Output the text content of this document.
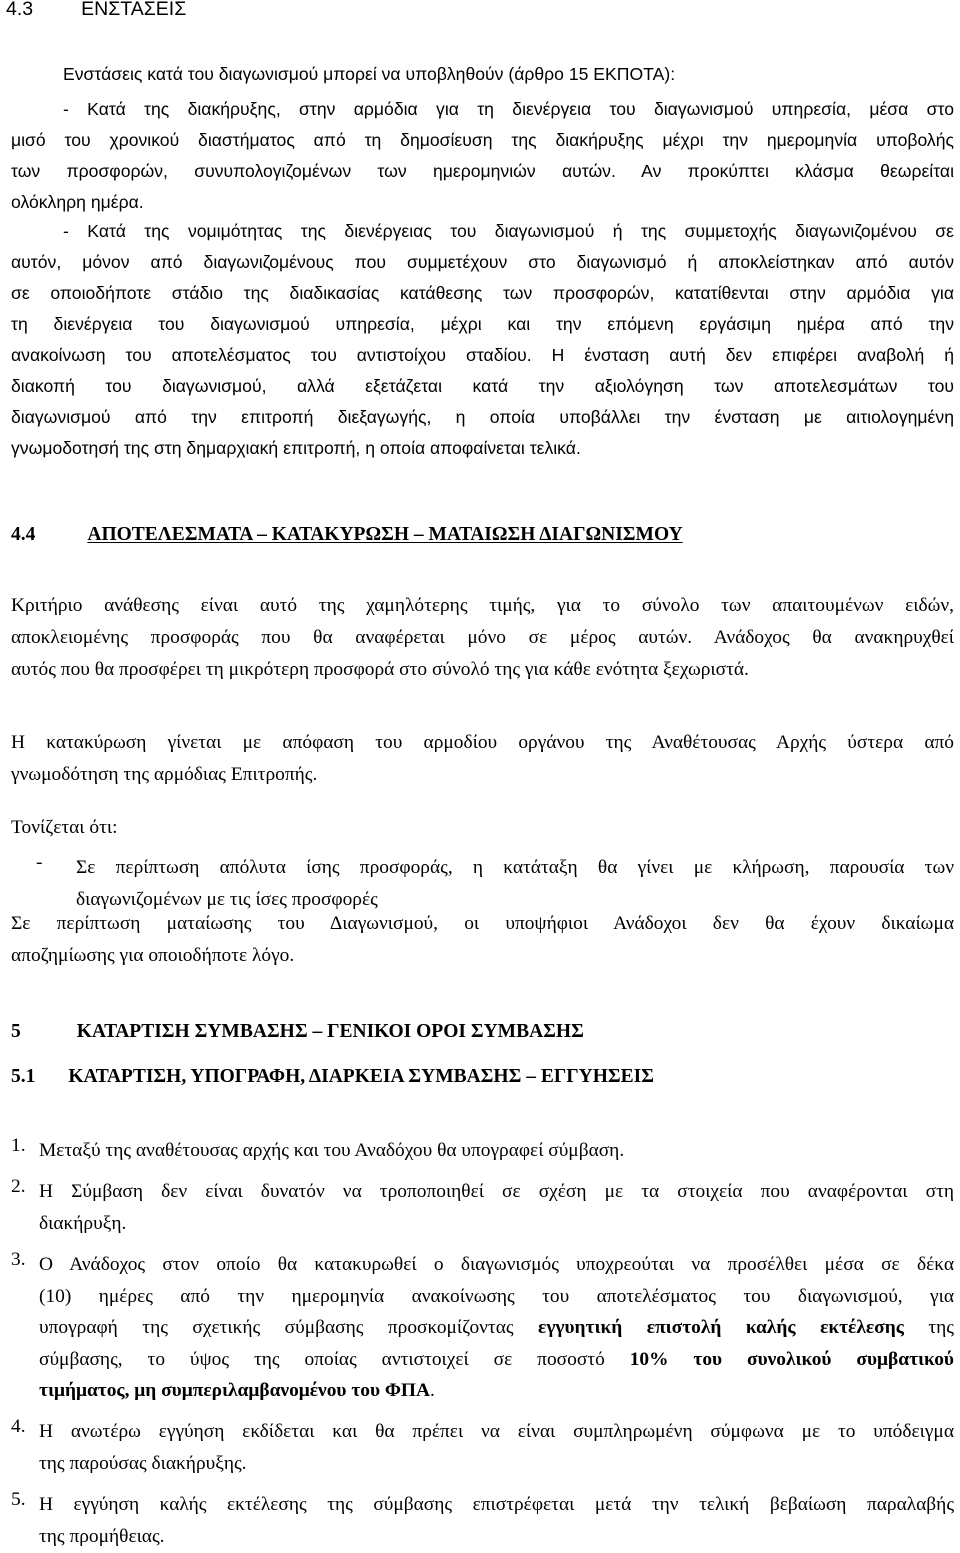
4.3 ΕΝΣΤΑΣΕΙΣ

Ενστάσεις κατά του διαγωνισμού μπορεί να υποβληθούν (άρθρο 15 ΕΚΠΟΤΑ):

- Κατά της διακήρυξης, στην αρμόδια για τη διενέργεια του διαγωνισμού υπηρεσία, μέσα στο

μισό του χρονικού διαστήματος από τη δημοσίευση της διακήρυξης μέχρι την ημερομηνία υποβολής

των προσφορών, συνυπολογιζομένων των ημερομηνιών αυτών. Αν προκύπτει κλάσμα θεωρείται

ολόκληρη ημέρα.

- Κατά της νομιμότητας της διενέργειας του διαγωνισμού ή της συμμετοχής διαγωνιζομένου σε

αυτόν, μόνον από διαγωνιζομένους που συμμετέχουν στο διαγωνισμό ή αποκλείστηκαν από αυτόν

σε οποιοδήποτε στάδιο της διαδικασίας κατάθεσης των προσφορών, κατατίθενται στην αρμόδια για

τη διενέργεια του διαγωνισμού υπηρεσία, μέχρι και την επόμενη εργάσιμη ημέρα από την

ανακοίνωση του αποτελέσματος του αντιστοίχου σταδίου. Η ένσταση αυτή δεν επιφέρει αναβολή ή

διακοπή του διαγωνισμού, αλλά εξετάζεται κατά την αξιολόγηση των αποτελεσμάτων του

διαγωνισμού από την επιτροπή διεξαγωγής, η οποία υποβάλλει την ένσταση με αιτιολογημένη

γνωμοδοτησή της στη δημαρχιακή επιτροπή, η οποία αποφαίνεται τελικά.

4.4	ΑΠΟΤΕΛΕΣΜΑΤΑ – ΚΑΤΑΚΥΡΩΣΗ – ΜΑΤΑΙΩΣΗ ΔΙΑΓΩΝΙΣΜΟΥ

Κριτήριο ανάθεσης είναι αυτό της χαμηλότερης τιμής, για το σύνολο των απαιτουμένων ειδών,

αποκλειομένης προσφοράς που θα αναφέρεται μόνο σε μέρος αυτών. Ανάδοχος θα ανακηρυχθεί

αυτός που θα προσφέρει τη μικρότερη προσφορά στο σύνολό της για κάθε ενότητα ξεχωριστά.

Η κατακύρωση γίνεται με απόφαση του αρμοδίου οργάνου της Αναθέτουσας Αρχής ύστερα από

γνωμοδότηση της αρμόδιας Επιτροπής.

Τονίζεται ότι:

- Σε περίπτωση απόλυτα ίσης προσφοράς, η κατάταξη θα γίνει με κλήρωση, παρουσία των

διαγωνιζομένων με τις ίσες προσφορές

Σε περίπτωση ματαίωσης του Διαγωνισμού, οι υποψήφιοι Ανάδοχοι δεν θα έχουν δικαίωμα

αποζημίωσης για οποιοδήποτε λόγο.

5	ΚΑΤΑΡΤΙΣΗ ΣΥΜΒΑΣΗΣ – ΓΕΝΙΚΟΙ ΟΡΟΙ ΣΥΜΒΑΣΗΣ
5.1 ΚΑΤΑΡΤΙΣΗ, ΥΠΟΓΡΑΦΗ, ΔΙΑΡΚΕΙΑ ΣΥΜΒΑΣΗΣ – ΕΓΓΥΗΣΕΙΣ
1. Μεταξύ της αναθέτουσας αρχής και του Αναδόχου θα υπογραφεί σύμβαση.

2. Η Σύμβαση δεν είναι δυνατόν να τροποποιηθεί σε σχέση με τα στοιχεία που αναφέρονται στη

διακήρυξη.

3. Ο Ανάδοχος στον οποίο θα κατακυρωθεί ο διαγωνισμός υποχρεούται να προσέλθει μέσα σε δέκα

(10) ημέρες από την ημερομηνία ανακοίνωσης του αποτελέσματος του διαγωνισμού, για

υπογραφή της σχετικής σύμβασης προσκομίζοντας εγγυητική επιστολή καλής εκτέλεσης της

σύμβασης, το ύψος της οποίας αντιστοιχεί σε ποσοστό 10% του συνολικού συμβατικού

τιμήματος, μη συμπεριλαμβανομένου του ΦΠΑ.

4. Η ανωτέρω εγγύηση εκδίδεται και θα πρέπει να είναι συμπληρωμένη σύμφωνα με το υπόδειγμα

της παρούσας διακήρυξης.

5. Η εγγύηση καλής εκτέλεσης της σύμβασης επιστρέφεται μετά την τελική βεβαίωση παραλαβής

της προμήθειας.
